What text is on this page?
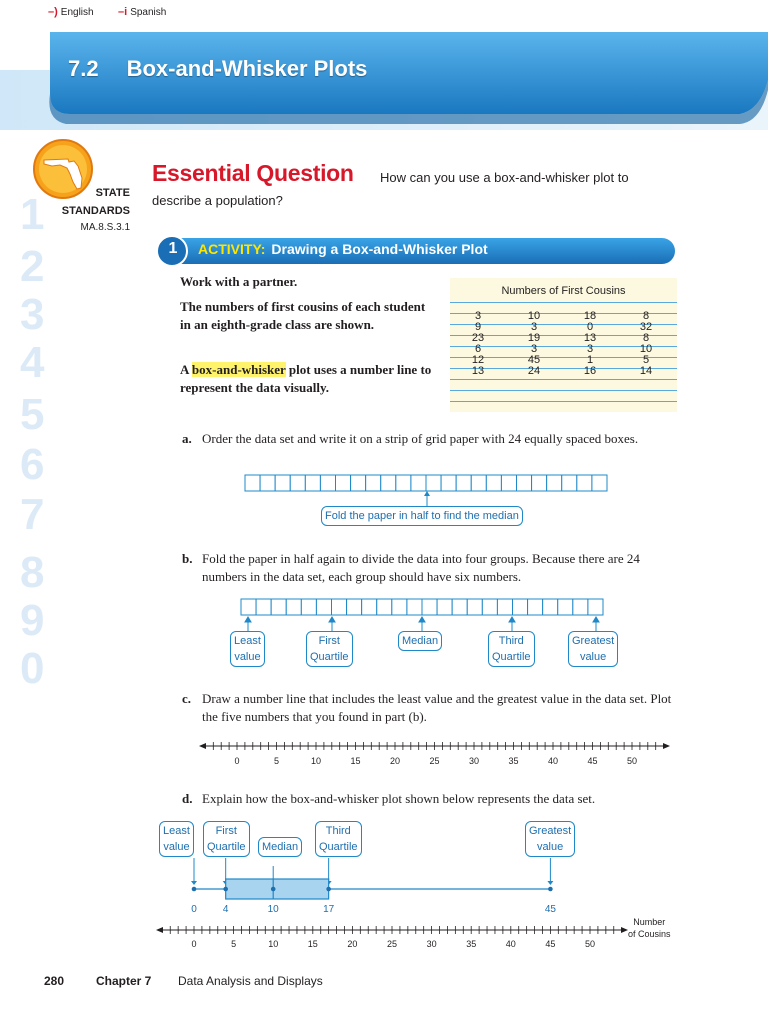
–) English –i Spanish
7.2 Box-and-Whisker Plots
1
2
3
4
5
6
7
8
9
0
STATE
STANDARDS
MA.8.S.3.1
Essential Question How can you use a box-and-whisker plot to
describe a population?
1	ACTIVITY: Drawing a Box-and-Whisker Plot
Work with a partner.
The numbers of first cousins of each student in an eighth-grade class are shown.
A box-and-whisker plot uses a number line to represent the data visually.
Numbers of First Cousins
3	10	18	8
9	3	0	32
23	19	13	8
6	3	3	10
12	45	1	5
13	24	16	14
a. Order the data set and write it on a strip of grid paper with 24 equally spaced boxes.
Fold the paper in half to find the median
b. Fold the paper in half again to divide the data into four groups. Because there are 24 numbers in the data set, each group should have six numbers.
Least
value
First
Quartile
Median	Third
Quartile
Greatest
value
c. Draw a number line that includes the least value and the greatest value in the data set. Plot the five numbers that you found in part (b).
0	5	10	15	20	25	30	35	40	45	50
d. Explain how the box-and-whisker plot shown below represents the data set.
Least
value
First
Quartile Median
Third
Quartile
Greatest
value
0	5	10	15	20	25	30	35	40	45	50
0	4	10	17	45
Number
of Cousins
280	Chapter 7 Data Analysis and Displays
